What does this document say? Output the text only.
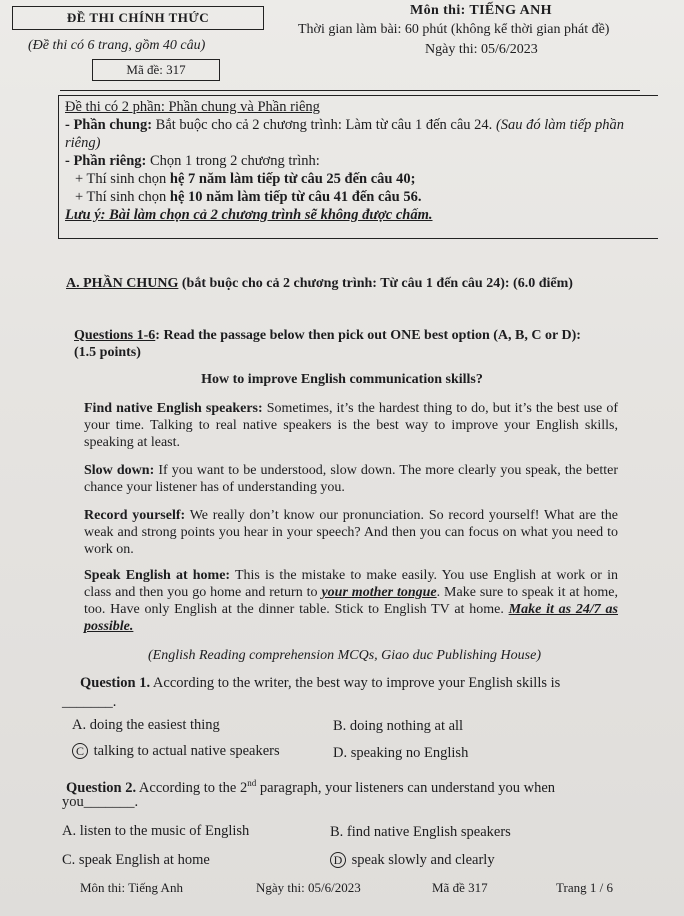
ĐỀ THI CHÍNH THỨC
(Đề thi có 6 trang, gồm 40 câu)
Mã đề: 317
Môn thi: TIẾNG ANH
Thời gian làm bài: 60 phút (không kể thời gian phát đề)
Ngày thi: 05/6/2023

Đề thi có 2 phần: Phần chung và Phần riêng

- Phần chung: Bắt buộc cho cả 2 chương trình: Làm từ câu 1 đến câu 24. (Sau đó làm tiếp phần riêng)

- Phần riêng: Chọn 1 trong 2 chương trình:

+ Thí sinh chọn hệ 7 năm làm tiếp từ câu 25 đến câu 40;

+ Thí sinh chọn hệ 10 năm làm tiếp từ câu 41 đến câu 56.

Lưu ý: Bài làm chọn cả 2 chương trình sẽ không được chấm.

A. PHẦN CHUNG (bắt buộc cho cả 2 chương trình: Từ câu 1 đến câu 24): (6.0 điểm)
Questions 1-6: Read the passage below then pick out ONE best option (A, B, C or D):
(1.5 points)
How to improve English communication skills?

Find native English speakers: Sometimes, it’s the hardest thing to do, but it’s the best use of your time. Talking to real native speakers is the best way to improve your English skills, speaking at least.

Slow down: If you want to be understood, slow down. The more clearly you speak, the better chance your listener has of understanding you.

Record yourself: We really don’t know our pronunciation. So record yourself! What are the weak and strong points you hear in your speech? And then you can focus on what you need to work on.

Speak English at home: This is the mistake to make easily. You use English at work or in class and then you go home and return to your mother tongue. Make sure to speak it at home, too. Have only English at the dinner table. Stick to English TV at home. Make it as 24/7 as possible.

(English Reading comprehension MCQs, Giao duc Publishing House)
Question 1. According to the writer, the best way to improve your English skills is
_______.
A. doing the easiest thing	B. doing nothing at all
C talking to actual native speakers	D. speaking no English
Question 2. According to the 2nd paragraph, your listeners can understand you when
you_______.
A. listen to the music of English	B. find native English speakers
C. speak English at home	D speak slowly and clearly
Môn thi: Tiếng Anh	Ngày thi: 05/6/2023	Mã đề 317	Trang 1 / 6
